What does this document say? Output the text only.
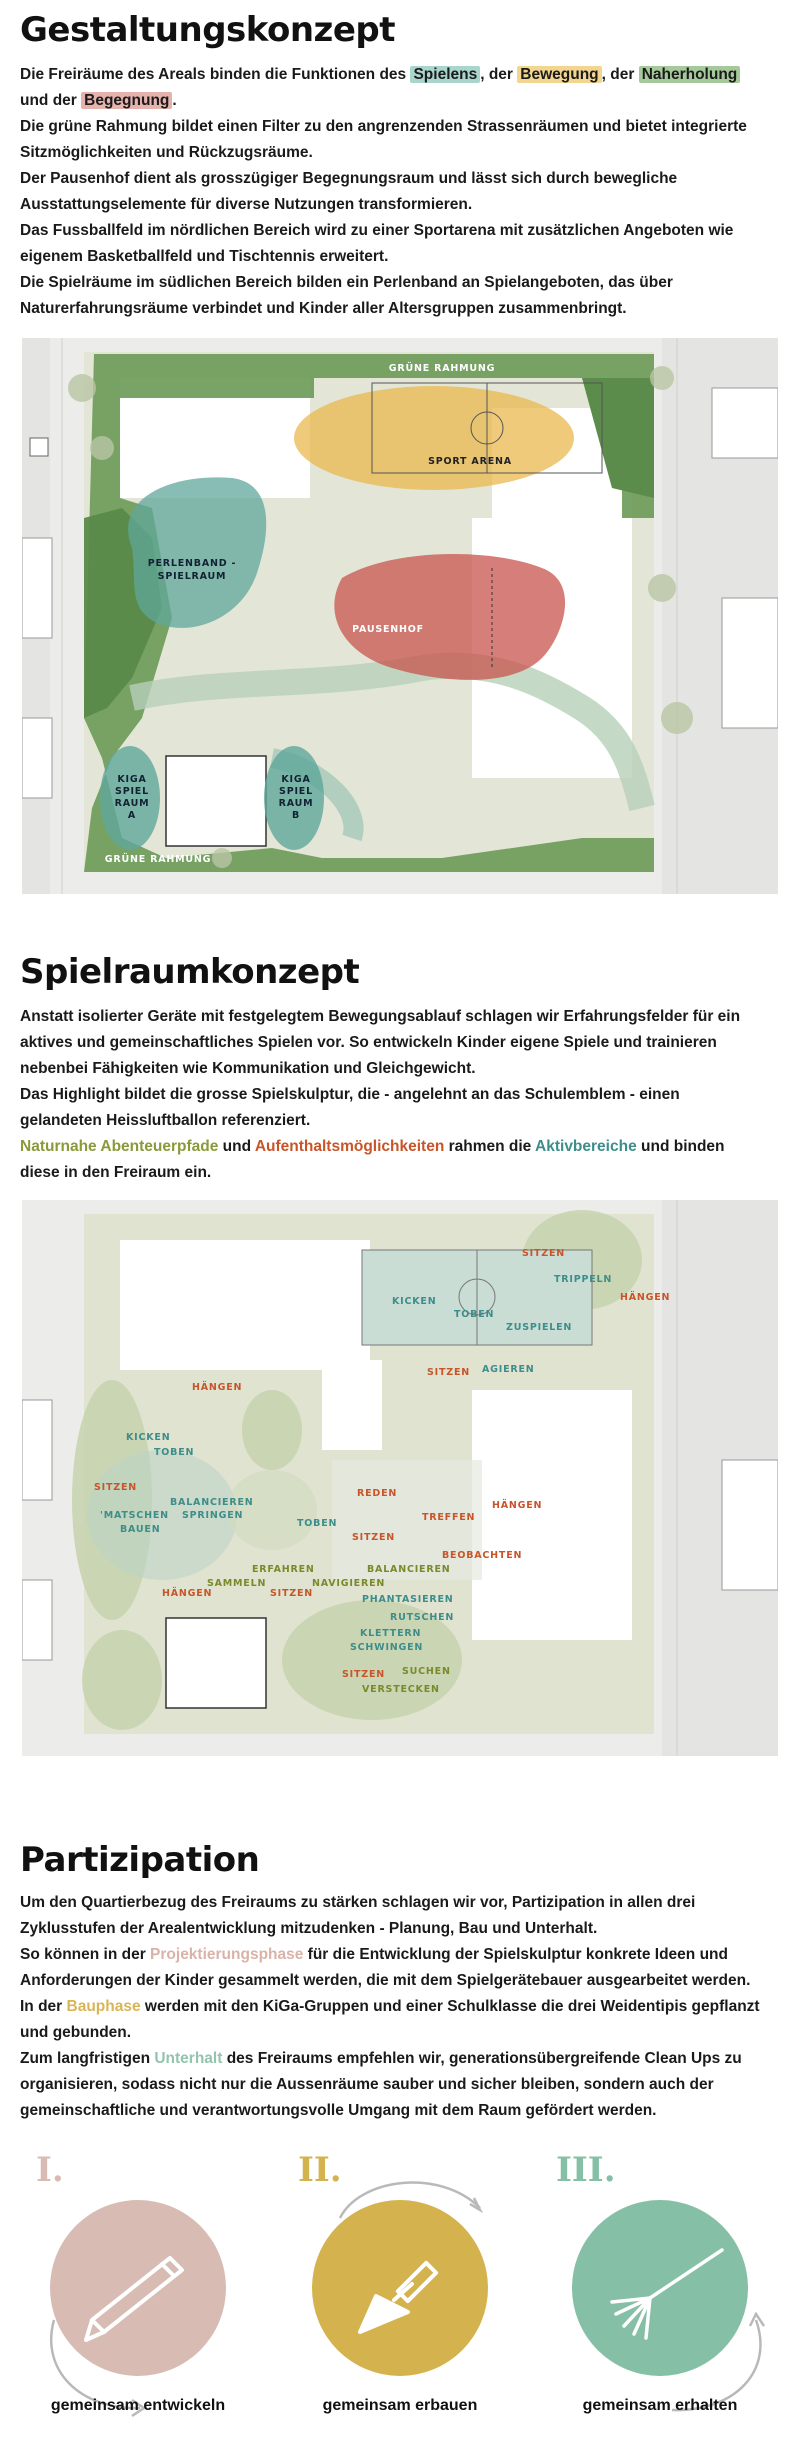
Gestaltungskonzept

Die Freiräume des Areals binden die Funktionen des Spielens , der Bewegung , der Naherholung und der Begegnung .

Die grüne Rahmung bildet einen Filter zu den angrenzenden Strassenräumen und bietet integrierte Sitzmöglichkeiten und Rückzugsräume.

Der Pausenhof dient als grosszügiger Begegnungsraum und lässt sich durch bewegliche Ausstattungselemente für diverse Nutzungen transformieren.

Das Fussballfeld im nördlichen Bereich wird zu einer Sportarena mit zusätzlichen Angeboten wie eigenem Basketballfeld und Tischtennis erweitert.

Die Spielräume im südlichen Bereich bilden ein Perlenband an Spielangeboten, das über Naturerfahrungsräume verbindet und Kinder aller Altersgruppen zusammenbringt.

GRÜNE RAHMUNG
SPORT ARENA
PERLENBAND -
SPIELRAUM
PAUSENHOF
KIGA
SPIEL
RAUM
A
KIGA
SPIEL
RAUM
B
GRÜNE RAHMUNG
Spielraumkonzept

Anstatt isolierter Geräte mit festgelegtem Bewegungsablauf schlagen wir Erfahrungsfelder für ein aktives und gemeinschaftliches Spielen vor. So entwickeln Kinder eigene Spiele und trainieren nebenbei Fähigkeiten wie Kommunikation und Gleichgewicht.

Das Highlight bildet die grosse Spielskulptur, die - angelehnt an das Schulemblem - einen gelandeten Heissluftballon referenziert.

Naturnahe Abenteuerpfade und Aufenthaltsmöglichkeiten rahmen die Aktivbereiche und binden diese in den Freiraum ein.

SITZEN
HÄNGEN
SITZEN
HÄNGEN
SITZEN
REDEN
TREFFEN
HÄNGEN
SITZEN
BEOBACHTEN
HÄNGEN	SITZEN
SITZEN
TRIPPELN
KICKEN
TOBEN
ZUSPIELEN
AGIEREN
KICKEN
TOBEN
BALANCIEREN
SPRINGEN
'MATSCHEN
BAUEN
TOBEN
PHANTASIEREN
RUTSCHEN
KLETTERN
SCHWINGEN
ERFAHREN	BALANCIEREN
SAMMELN	NAVIGIEREN
SUCHEN
VERSTECKEN
Partizipation

Um den Quartierbezug des Freiraums zu stärken schlagen wir vor, Partizipation in allen drei Zyklusstufen der Arealentwicklung mitzudenken - Planung, Bau und Unterhalt.

So können in der Projektierungsphase für die Entwicklung der Spielskulptur konkrete Ideen und Anforderungen der Kinder gesammelt werden, die mit dem Spielgerätebauer ausgearbeitet werden.

In der Bauphase werden mit den KiGa-Gruppen und einer Schulklasse die drei Weidentipis gepflanzt und gebunden.

Zum langfristigen Unterhalt des Freiraums empfehlen wir, generationsübergreifende Clean Ups zu organisieren, sodass nicht nur die Aussenräume sauber und sicher bleiben, sondern auch der gemeinschaftliche und verantwortungsvolle Umgang mit dem Raum gefördert werden.

I.
gemeinsam entwickeln
II.
gemeinsam erbauen
III.
gemeinsam erhalten
